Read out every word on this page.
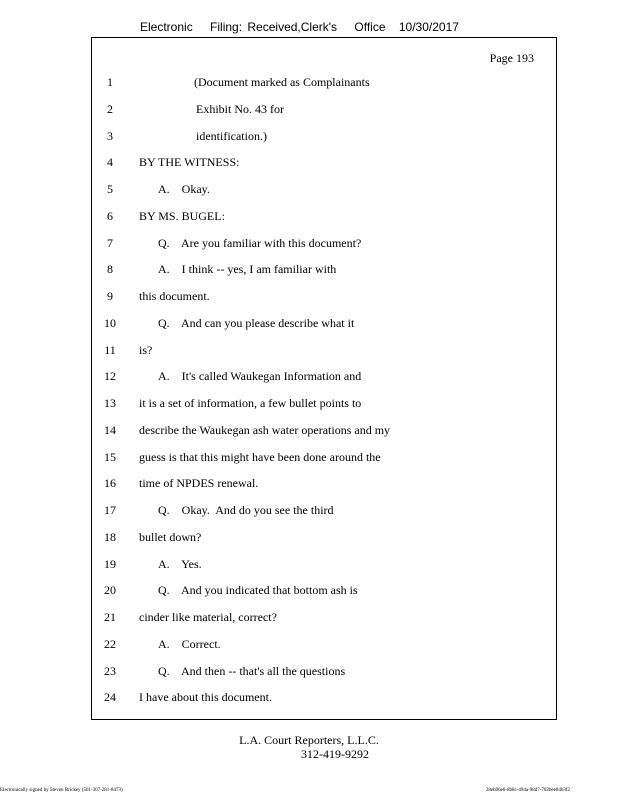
Electronic Filing: Received,Clerk's Office 10/30/2017
Page 193
1	(Document marked as Complainants
2	Exhibit No. 43 for
3	identification.)
4	BY THE WITNESS:
5	A.    Okay.
6	BY MS. BUGEL:
7	Q.    Are you familiar with this document?
8	A.    I think -- yes, I am familiar with
9	this document.
10	Q.    And can you please describe what it
11	is?
12	A.    It's called Waukegan Information and
13	it is a set of information, a few bullet points to
14	describe the Waukegan ash water operations and my
15	guess is that this might have been done around the
16	time of NPDES renewal.
17	Q.    Okay.  And do you see the third
18	bullet down?
19	A.    Yes.
20	Q.    And you indicated that bottom ash is
21	cinder like material, correct?
22	A.    Correct.
23	Q.    And then -- that's all the questions
24	I have about this document.
L.A. Court Reporters, L.L.C.
312-419-9292
Electronically signed by Steven Brickey (501-307-281-8473)	28eb96e6-8b8c-494a-98d7-702bee84b3f2
